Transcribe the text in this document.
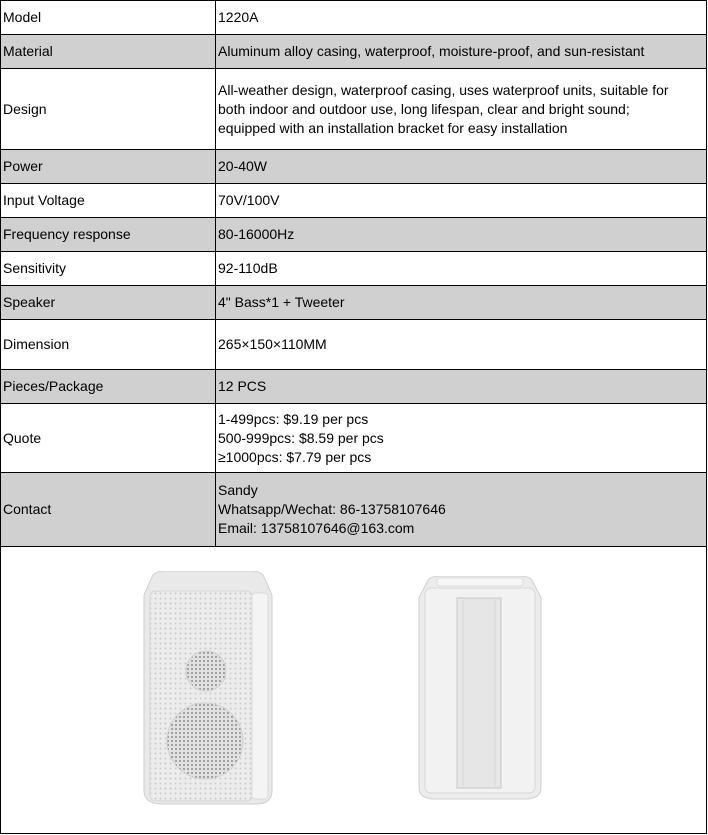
Model	1220A
Material	Aluminum alloy casing, waterproof, moisture-proof, and sun-resistant
Design	All-weather design, waterproof casing, uses waterproof units, suitable for
both indoor and outdoor use, long lifespan, clear and bright sound;
equipped with an installation bracket for easy installation

Power	20-40W
Input Voltage	70V/100V
Frequency response	80-16000Hz
Sensitivity	92-110dB
Speaker	4" Bass*1 + Tweeter
Dimension	265×150×110MM
Pieces/Package	12 PCS
Quote	1-499pcs: $9.19 per pcs
500-999pcs: $8.59 per pcs
≥1000pcs: $7.79 per pcs

Contact	Sandy
Whatsapp/Wechat: 86-13758107646
Email: 13758107646@163.com
